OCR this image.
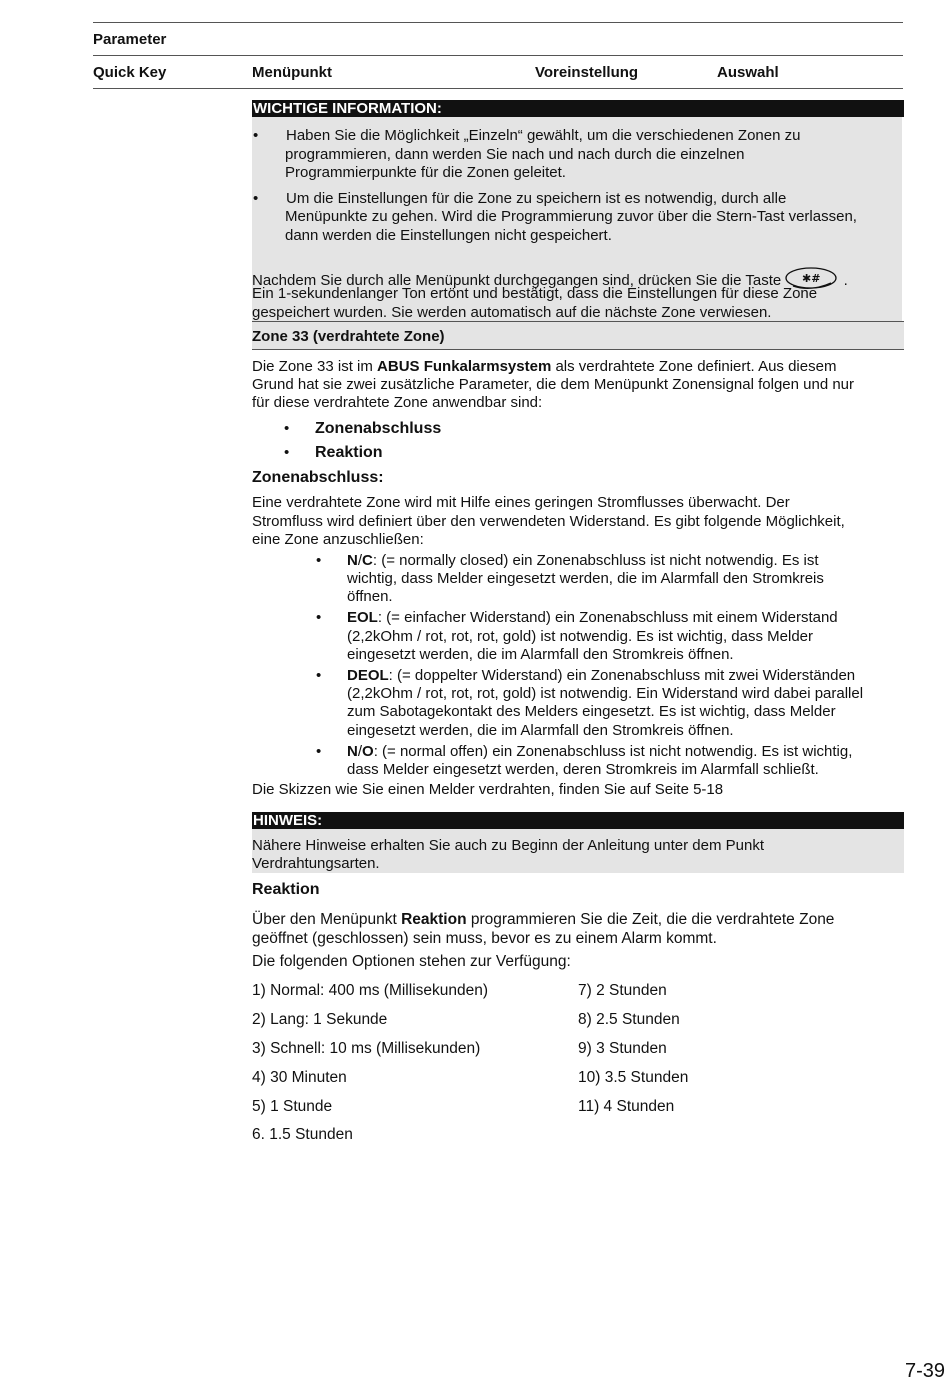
Parameter
Quick Key	Menüpunkt	Voreinstellung	Auswahl
WICHTIGE INFORMATION:
•	Haben Sie die Möglichkeit „Einzeln“ gewählt, um die verschiedenen Zonen zu
programmieren, dann werden Sie nach und nach durch die einzelnen
Programmierpunkte für die Zonen geleitet.
•	Um die Einstellungen für die Zone zu speichern ist es notwendig, durch alle
Menüpunkte zu gehen. Wird die Programmierung zuvor über die Stern-Tast verlassen,
dann werden die Einstellungen nicht gespeichert.
Nachdem Sie durch alle Menüpunkt durchgegangen sind, drücken Sie die Taste ✱# .
Ein 1-sekundenlanger Ton ertönt und bestätigt, dass die Einstellungen für diese Zone
gespeichert wurden. Sie werden automatisch auf die nächste Zone verwiesen.
Zone 33 (verdrahtete Zone)
Die Zone 33 ist im ABUS Funkalarmsystem als verdrahtete Zone definiert. Aus diesem
Grund hat sie zwei zusätzliche Parameter, die dem Menüpunkt Zonensignal folgen und nur
für diese verdrahtete Zone anwendbar sind:
• Zonenabschluss
• Reaktion
Zonenabschluss:
Eine verdrahtete Zone wird mit Hilfe eines geringen Stromflusses überwacht. Der
Stromfluss wird definiert über den verwendeten Widerstand. Es gibt folgende Möglichkeit,
eine Zone anzuschließen:
•	N/C: (= normally closed) ein Zonenabschluss ist nicht notwendig. Es ist
wichtig, dass Melder eingesetzt werden, die im Alarmfall den Stromkreis
öffnen.
•	EOL: (= einfacher Widerstand) ein Zonenabschluss mit einem Widerstand
(2,2kOhm / rot, rot, rot, gold) ist notwendig. Es ist wichtig, dass Melder
eingesetzt werden, die im Alarmfall den Stromkreis öffnen.
•	DEOL: (= doppelter Widerstand) ein Zonenabschluss mit zwei Widerständen
(2,2kOhm / rot, rot, rot, gold) ist notwendig. Ein Widerstand wird dabei parallel
zum Sabotagekontakt des Melders eingesetzt. Es ist wichtig, dass Melder
eingesetzt werden, die im Alarmfall den Stromkreis öffnen.
•	N/O: (= normal offen) ein Zonenabschluss ist nicht notwendig. Es ist wichtig,
dass Melder eingesetzt werden, deren Stromkreis im Alarmfall schließt.
Die Skizzen wie Sie einen Melder verdrahten, finden Sie auf Seite 5-18
HINWEIS:
Nähere Hinweise erhalten Sie auch zu Beginn der Anleitung unter dem Punkt
Verdrahtungsarten.
Reaktion
Über den Menüpunkt Reaktion programmieren Sie die Zeit, die die verdrahtete Zone
geöffnet (geschlossen) sein muss, bevor es zu einem Alarm kommt.
Die folgenden Optionen stehen zur Verfügung:
1) Normal: 400 ms (Millisekunden)
2) Lang: 1 Sekunde
3) Schnell: 10 ms (Millisekunden)
4) 30 Minuten
5) 1 Stunde
6. 1.5 Stunden
7) 2 Stunden
8) 2.5 Stunden
9) 3 Stunden
10) 3.5 Stunden
11) 4 Stunden
7-39
